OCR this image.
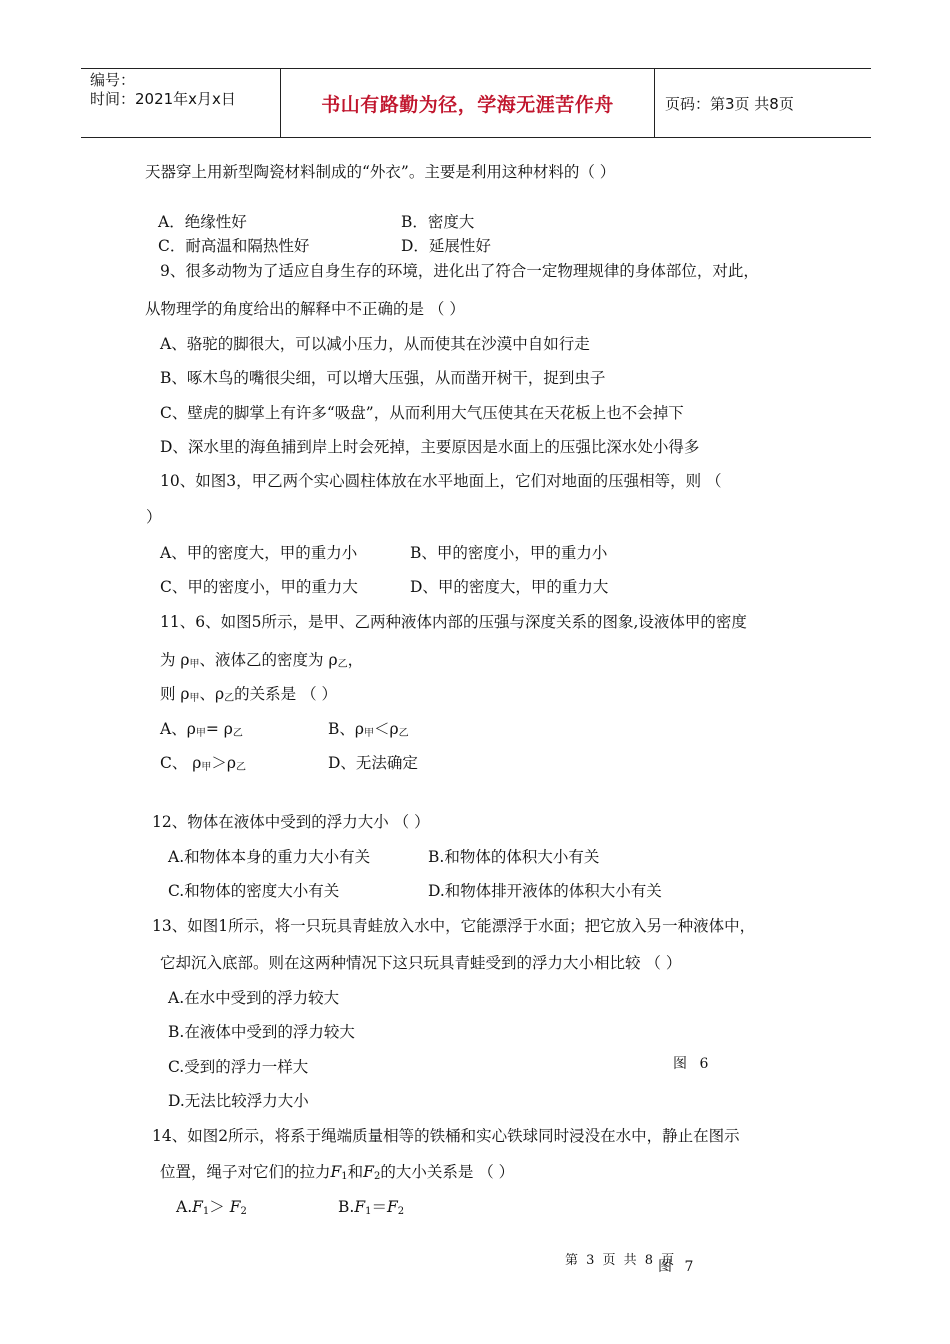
编号：
时间：2021年x月x日	书山有路勤为径，学海无涯苦作舟	页码：第3页 共8页
天器穿上用新型陶瓷材料制成的“外衣”。主要是利用这种材料的（ ）
A．绝缘性好	B．密度大
C．耐高温和隔热性好	D．延展性好
9、很多动物为了适应自身生存的环境，进化出了符合一定物理规律的身体部位，对此，
从物理学的角度给出的解释中不正确的是 （ ）
A、骆驼的脚很大，可以减小压力，从而使其在沙漠中自如行走
B、啄木鸟的嘴很尖细，可以增大压强，从而凿开树干，捉到虫子
C、壁虎的脚掌上有许多“吸盘”，从而利用大气压使其在天花板上也不会掉下
D、深水里的海鱼捕到岸上时会死掉，主要原因是水面上的压强比深水处小得多
10、如图3，甲乙两个实心圆柱体放在水平地面上，它们对地面的压强相等，则 （
）
A、甲的密度大，甲的重力小	B、甲的密度小，甲的重力小
C、甲的密度小，甲的重力大	D、甲的密度大，甲的重力大
11、6、如图5所示，是甲、乙两种液体内部的压强与深度关系的图象,设液体甲的密度
为 ρ甲、液体乙的密度为 ρ乙，
则 ρ甲、ρ乙的关系是 （ ）
A、ρ甲= ρ乙	B、ρ甲＜ρ乙
C、 ρ甲＞ρ乙	D、无法确定
12、物体在液体中受到的浮力大小 （ ）
A.和物体本身的重力大小有关	B.和物体的体积大小有关
C.和物体的密度大小有关	D.和物体排开液体的体积大小有关
13、如图1所示，将一只玩具青蛙放入水中，它能漂浮于水面；把它放入另一种液体中，
它却沉入底部。则在这两种情况下这只玩具青蛙受到的浮力大小相比较 （ ）
A.在水中受到的浮力较大
B.在液体中受到的浮力较大
C.受到的浮力一样大
D.无法比较浮力大小
14、如图2所示，将系于绳端质量相等的铁桶和实心铁球同时浸没在水中，静止在图示
位置，绳子对它们的拉力F1和F2的大小关系是 （ ）
A.F1＞ F2	B.F1＝F2
图 6
第 3 页 共 8 页
图 7
